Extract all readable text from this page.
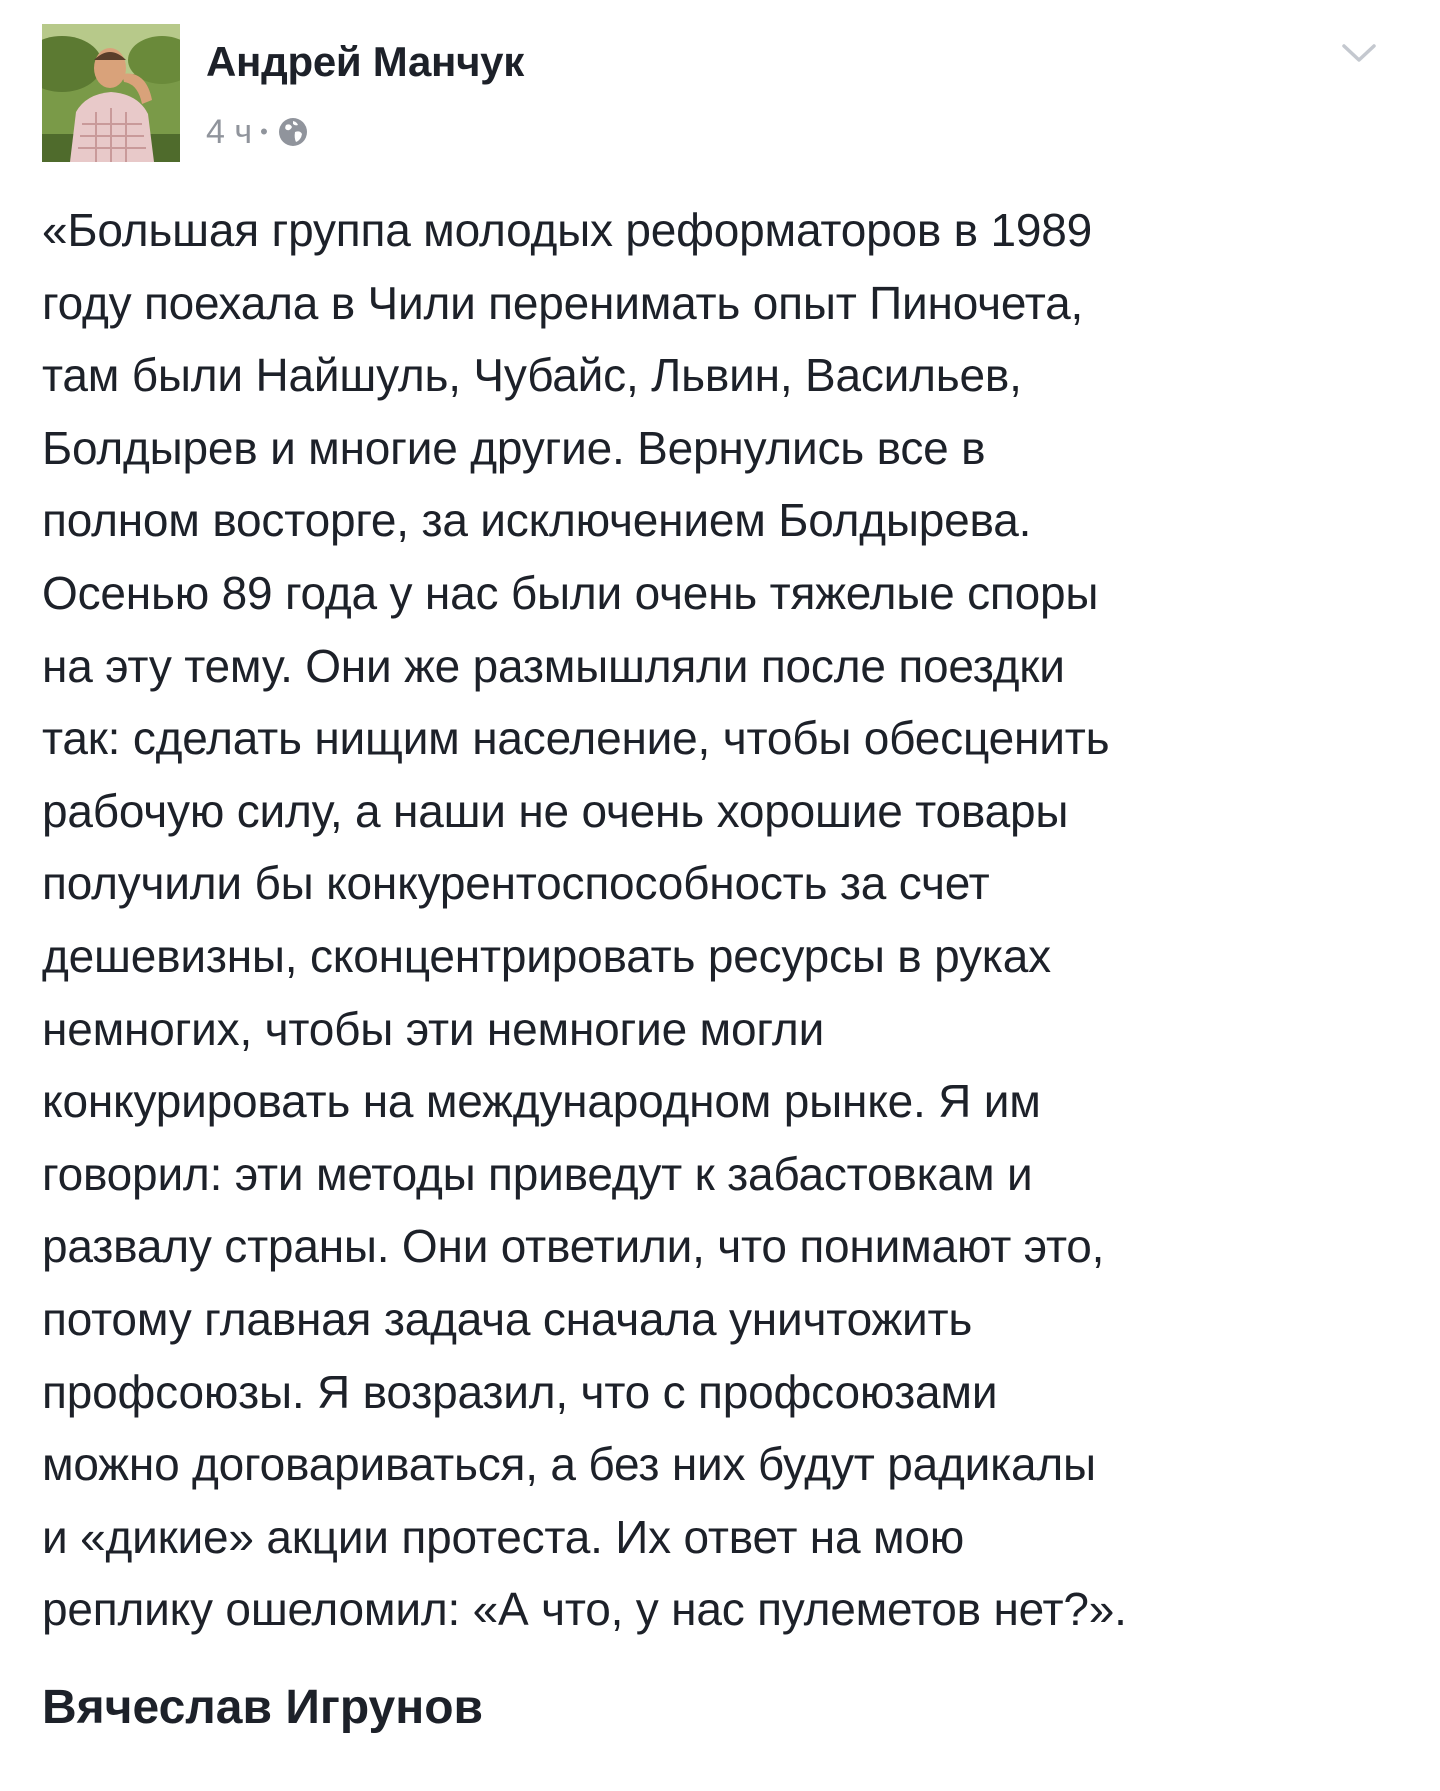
Андрей Манчук
4 ч •
«Большая группа молодых реформаторов в 1989
году поехала в Чили перенимать опыт Пиночета,
там были Найшуль, Чубайс, Львин, Васильев,
Болдырев и многие другие. Вернулись все в
полном восторге, за исключением Болдырева.
Осенью 89 года у нас были очень тяжелые споры
на эту тему. Они же размышляли после поездки
так: сделать нищим население, чтобы обесценить
рабочую силу, а наши не очень хорошие товары
получили бы конкурентоспособность за счет
дешевизны, сконцентрировать ресурсы в руках
немногих, чтобы эти немногие могли
конкурировать на международном рынке. Я им
говорил: эти методы приведут к забастовкам и
развалу страны. Они ответили, что понимают это,
потому главная задача сначала уничтожить
профсоюзы. Я возразил, что с профсоюзами
можно договариваться, а без них будут радикалы
и «дикие» акции протеста. Их ответ на мою
реплику ошеломил: «А что, у нас пулеметов нет?».
Вячеслав Игрунов
